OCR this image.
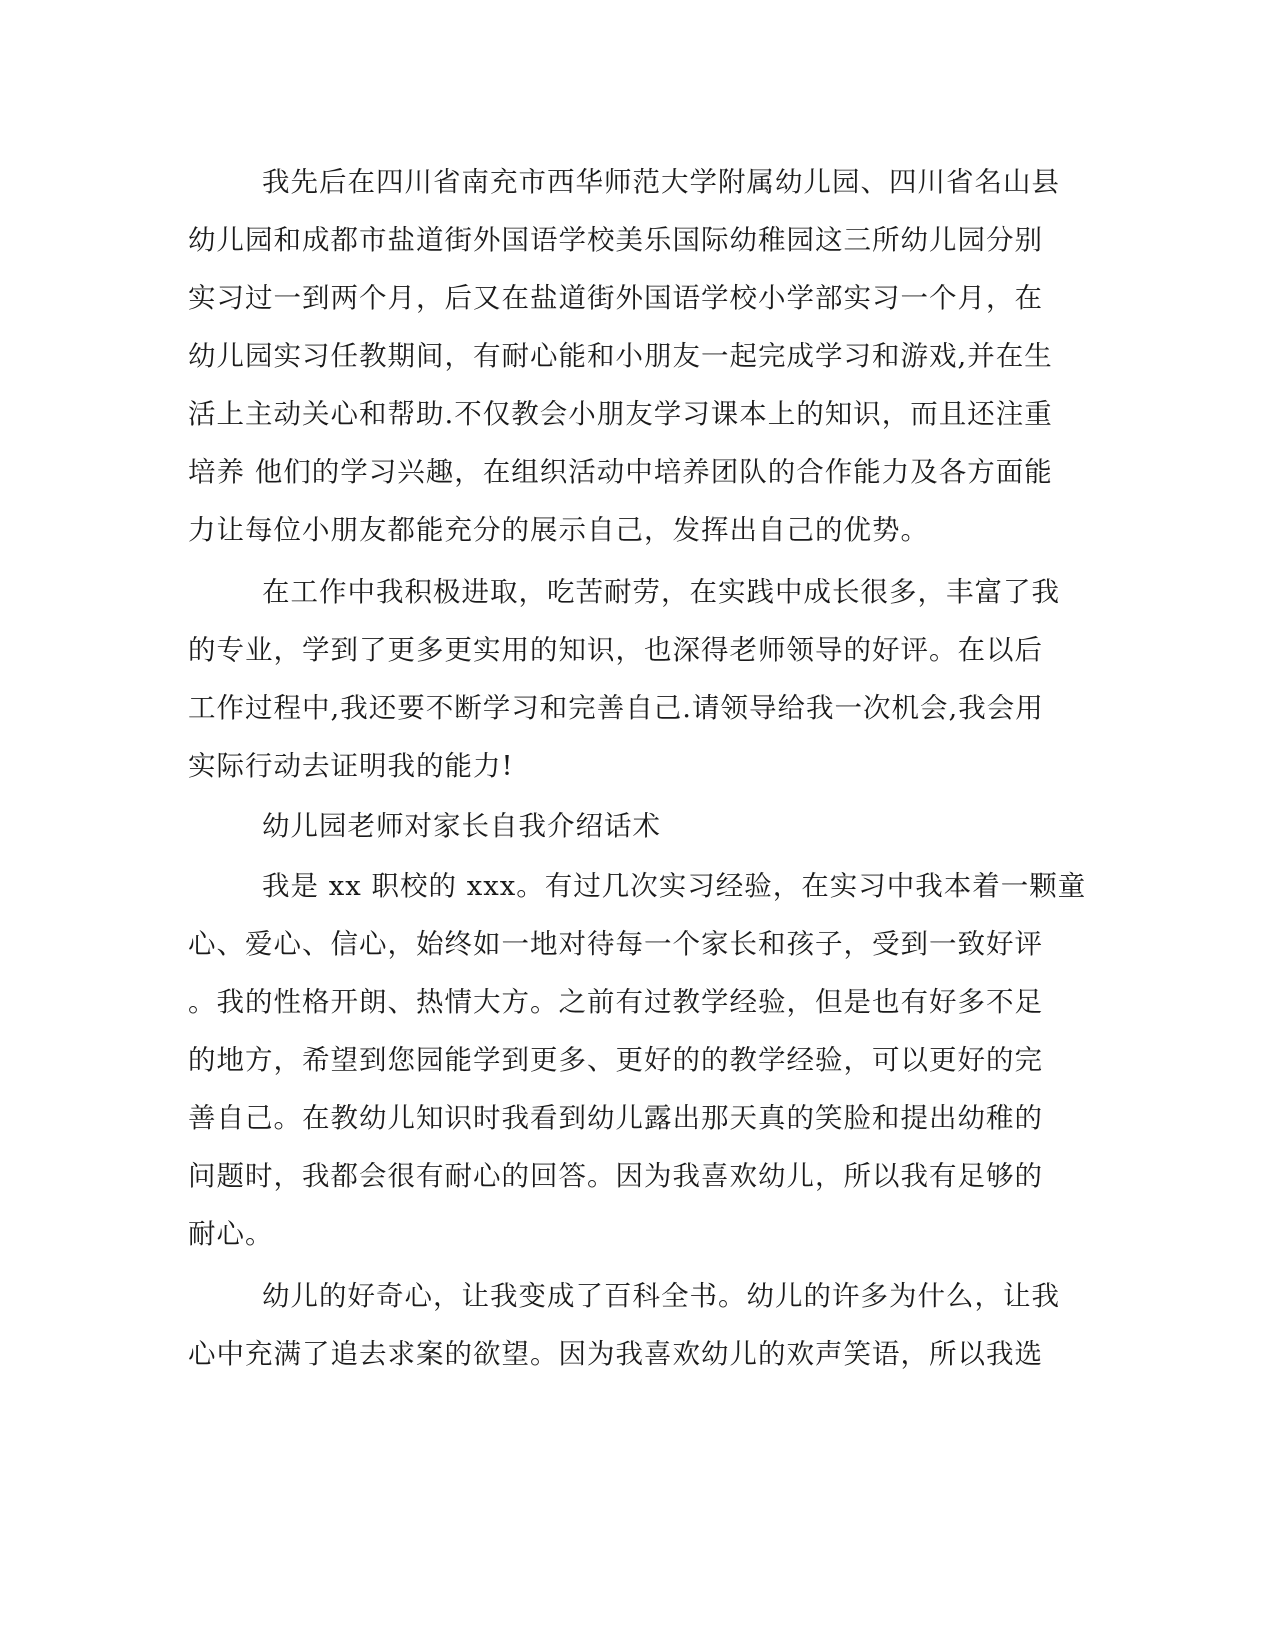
我先后在四川省南充市西华师范大学附属幼儿园、四川省名山县
幼儿园和成都市盐道街外国语学校美乐国际幼稚园这三所幼儿园分别
实习过一到两个月，后又在盐道街外国语学校小学部实习一个月，在
幼儿园实习任教期间，有耐心能和小朋友一起完成学习和游戏,并在生
活上主动关心和帮助.不仅教会小朋友学习课本上的知识，而且还注重
培养 他们的学习兴趣，在组织活动中培养团队的合作能力及各方面能
力让每位小朋友都能充分的展示自己，发挥出自己的优势。
在工作中我积极进取，吃苦耐劳，在实践中成长很多，丰富了我
的专业，学到了更多更实用的知识，也深得老师领导的好评。在以后
工作过程中,我还要不断学习和完善自己.请领导给我一次机会,我会用
实际行动去证明我的能力!
幼儿园老师对家长自我介绍话术
我是 xx 职校的 xxx。有过几次实习经验，在实习中我本着一颗童
心、爱心、信心，始终如一地对待每一个家长和孩子，受到一致好评
。我的性格开朗、热情大方。之前有过教学经验，但是也有好多不足
的地方，希望到您园能学到更多、更好的的教学经验，可以更好的完
善自己。在教幼儿知识时我看到幼儿露出那天真的笑脸和提出幼稚的
问题时，我都会很有耐心的回答。因为我喜欢幼儿，所以我有足够的
耐心。
幼儿的好奇心，让我变成了百科全书。幼儿的许多为什么，让我
心中充满了追去求案的欲望。因为我喜欢幼儿的欢声笑语，所以我选
